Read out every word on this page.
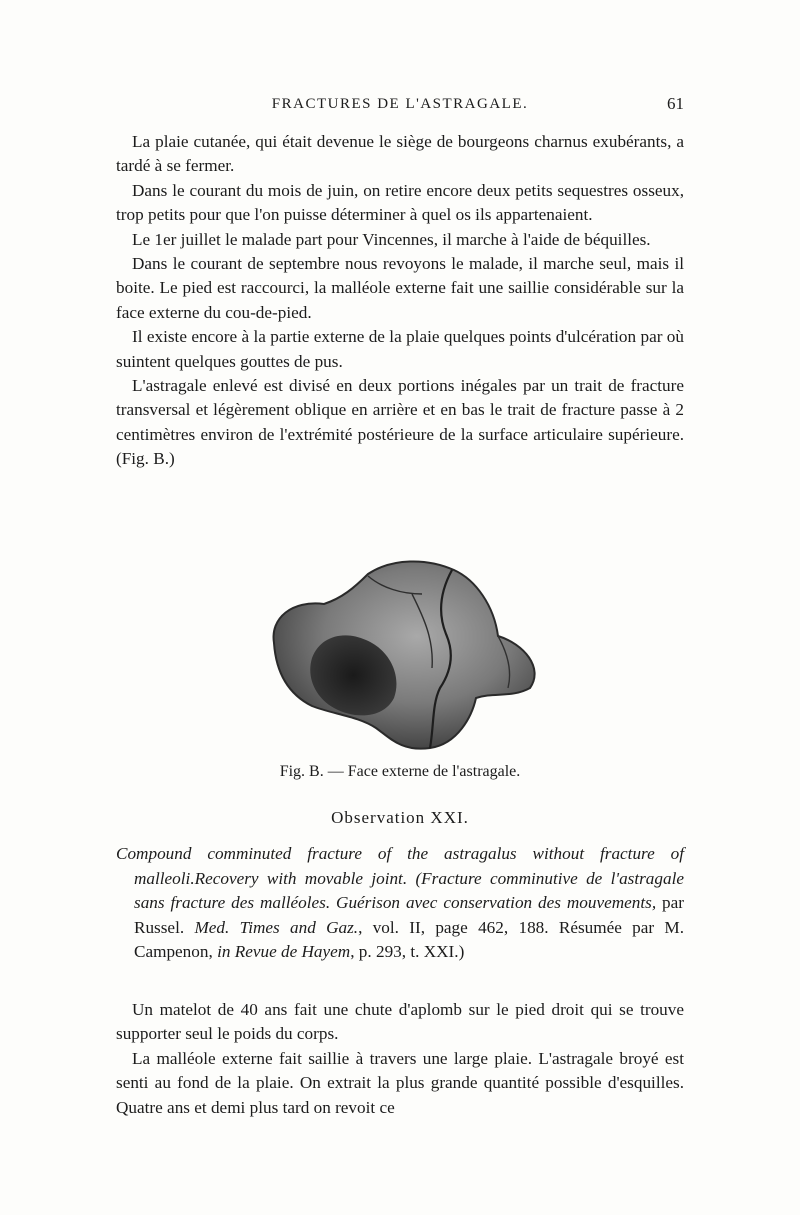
FRACTURES DE L'ASTRAGALE.	61

La plaie cutanée, qui était devenue le siège de bourgeons charnus exubérants, a tardé à se fermer.

Dans le courant du mois de juin, on retire encore deux petits sequestres osseux, trop petits pour que l'on puisse déterminer à quel os ils appartenaient.

Le 1er juillet le malade part pour Vincennes, il marche à l'aide de béquilles.

Dans le courant de septembre nous revoyons le malade, il marche seul, mais il boite. Le pied est raccourci, la malléole externe fait une saillie considérable sur la face externe du cou-de-pied.

Il existe encore à la partie externe de la plaie quelques points d'ulcération par où suintent quelques gouttes de pus.

L'astragale enlevé est divisé en deux portions inégales par un trait de fracture transversal et légèrement oblique en arrière et en bas le trait de fracture passe à 2 centimètres environ de l'extrémité postérieure de la surface articulaire supérieure. (Fig. B.)

Fig. B. — Face externe de l'astragale.
Observation XXI.
Compound comminuted fracture of the astragalus without fracture of malleoli.Recovery with movable joint. (Fracture comminutive de l'astragale sans fracture des malléoles. Guérison avec conservation des mouvements, par Russel. Med. Times and Gaz., vol. II, page 462, 188. Résumée par M. Campenon, in Revue de Hayem, p. 293, t. XXI.)

Un matelot de 40 ans fait une chute d'aplomb sur le pied droit qui se trouve supporter seul le poids du corps.

La malléole externe fait saillie à travers une large plaie. L'astragale broyé est senti au fond de la plaie. On extrait la plus grande quantité possible d'esquilles. Quatre ans et demi plus tard on revoit ce
